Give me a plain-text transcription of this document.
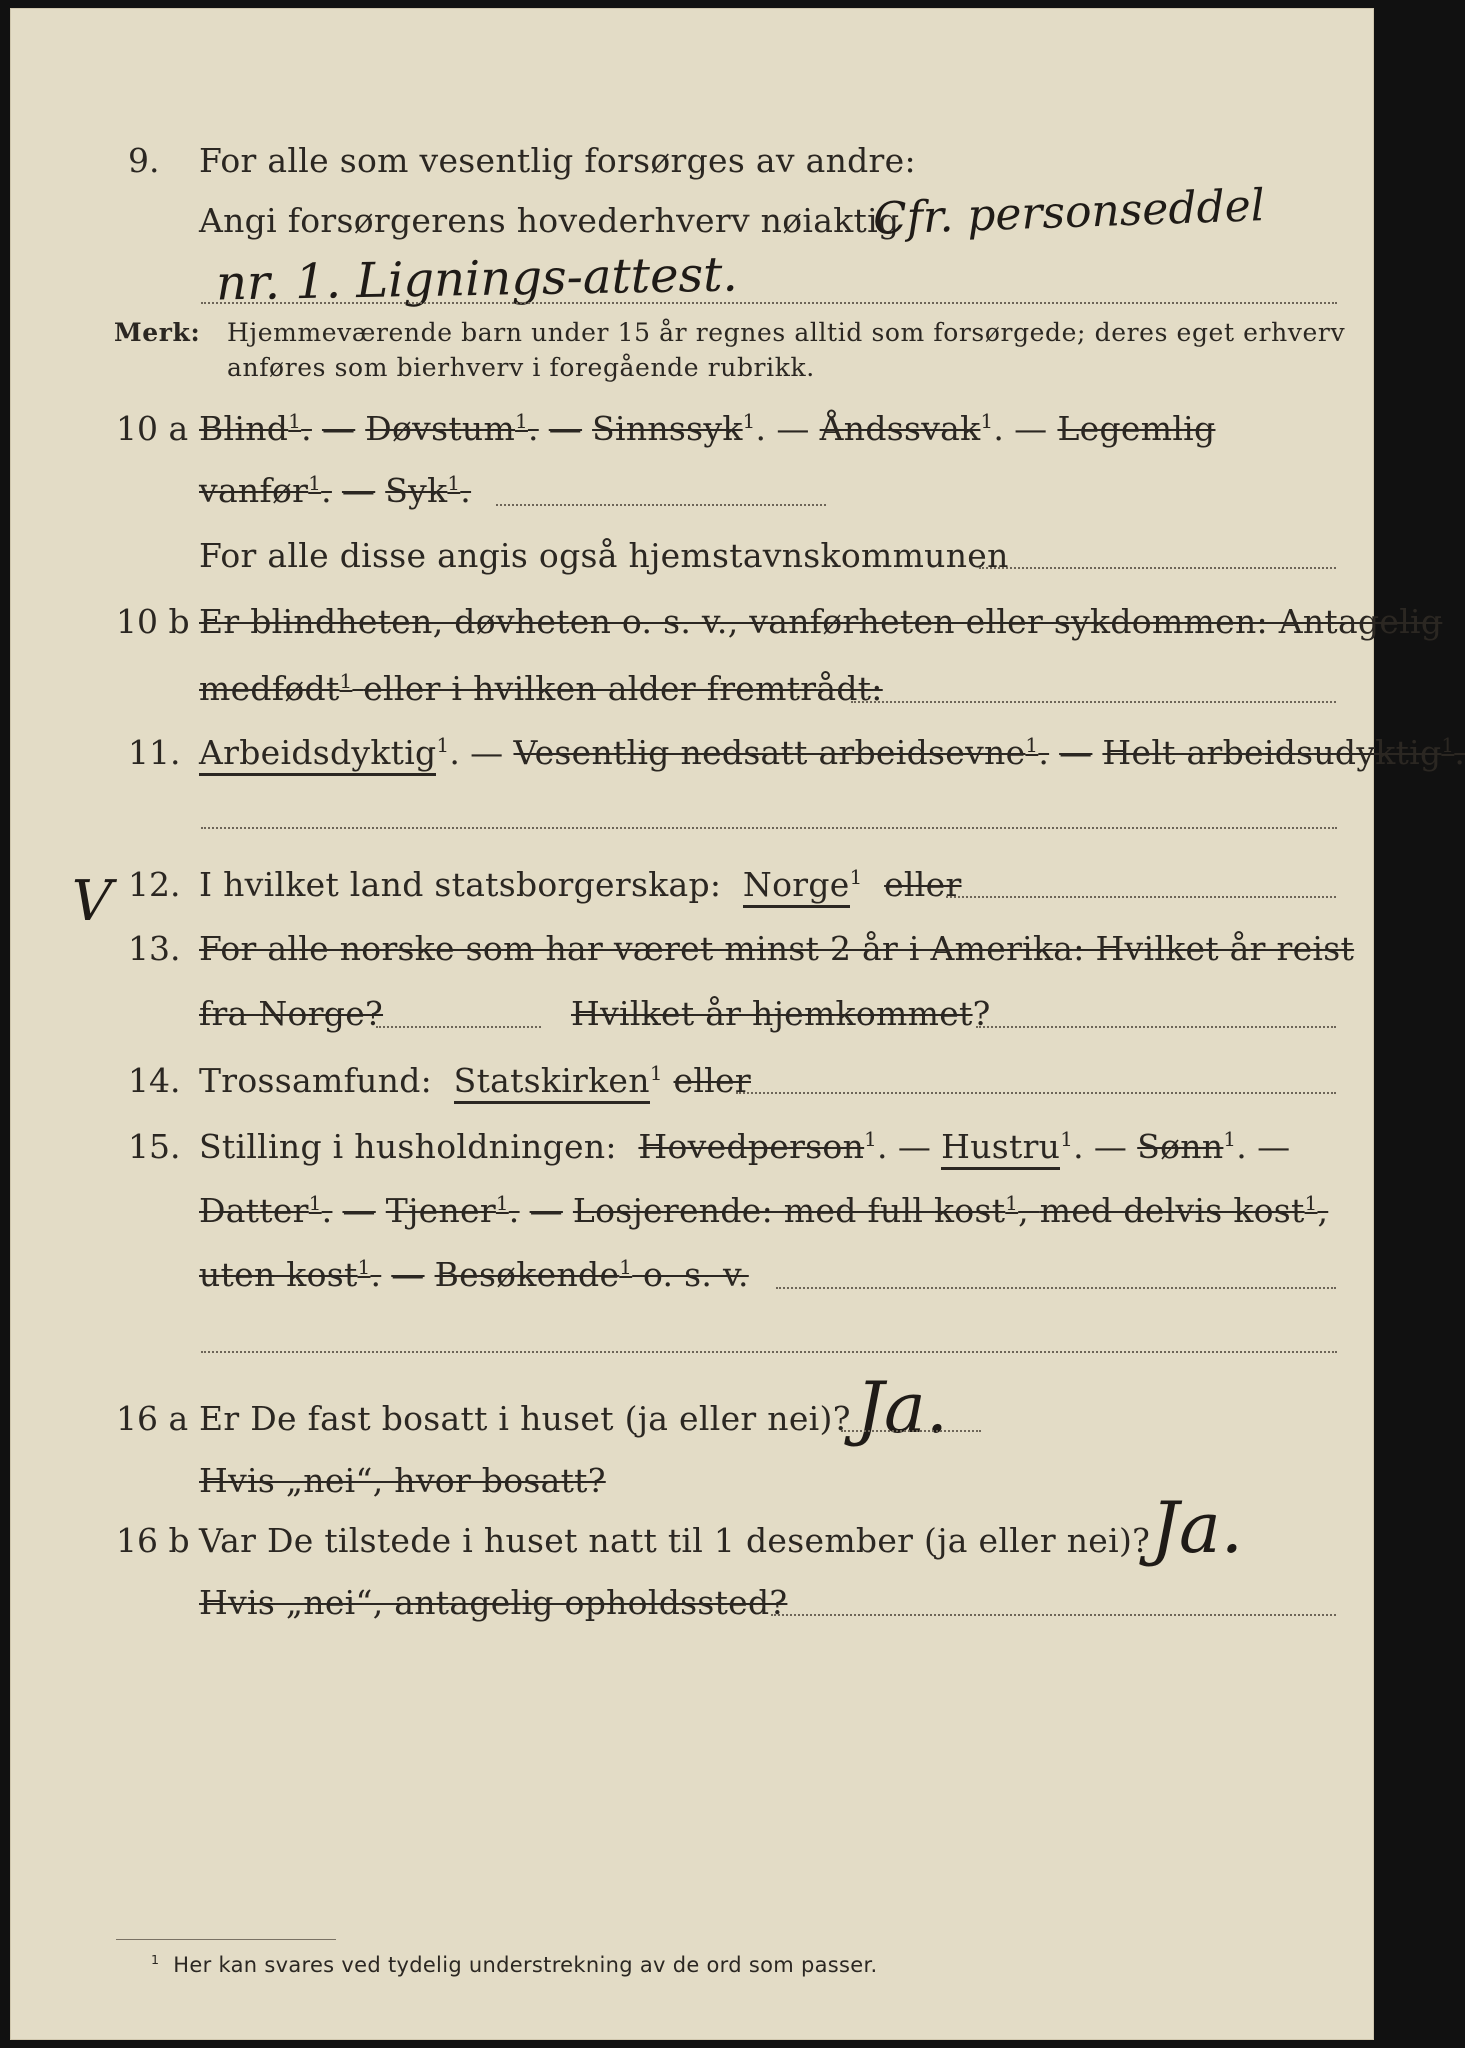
9. For alle som vesentlig forsørges av andre:
Angi forsørgerens hovederhverv nøiaktig
Cfr. personseddel
nr. 1. Lignings-attest.
Merk: Hjemmeværende barn under 15 år regnes alltid som forsørgede; deres eget erhverv
anføres som bierhverv i foregående rubrikk.
10 a Blind$^1$. — Døvstum$^1$. — Sinnssyk$^1$. — Åndssvak$^1$. — Legemlig
vanfør$^1$. — Syk$^1$.
For alle disse angis også hjemstavnskommunen
10 b Er blindheten, døvheten o. s. v., vanførheten eller sykdommen: Antagelig
medfødt$^1$ eller i hvilken alder fremtrådt:
11. Arbeidsdyktig$^1$. — Vesentlig nedsatt arbeidsevne$^1$. — Helt arbeidsudyktig$^1$.
V 12. I hvilket land statsborgerskap: Norge$^1$ eller
13. For alle norske som har været minst 2 år i Amerika: Hvilket år reist
fra Norge?	Hvilket år hjemkommet?
14. Trossamfund: Statskirken$^1$ eller
15. Stilling i husholdningen: Hovedperson$^1$. — Hustru$^1$. — Sønn$^1$. —
Datter$^1$. — Tjener$^1$. — Losjerende: med full kost$^1$, med delvis kost$^1$,
uten kost$^1$. — Besøkende$^1$ o. s. v.
16 a Er De fast bosatt i huset (ja eller nei)? Ja.
Hvis „nei“, hvor bosatt?
16 b Var De tilstede i huset natt til 1 desember (ja eller nei)? Ja.
Hvis „nei“, antagelig opholdssted?
$^1$ Her kan svares ved tydelig understrekning av de ord som passer.
